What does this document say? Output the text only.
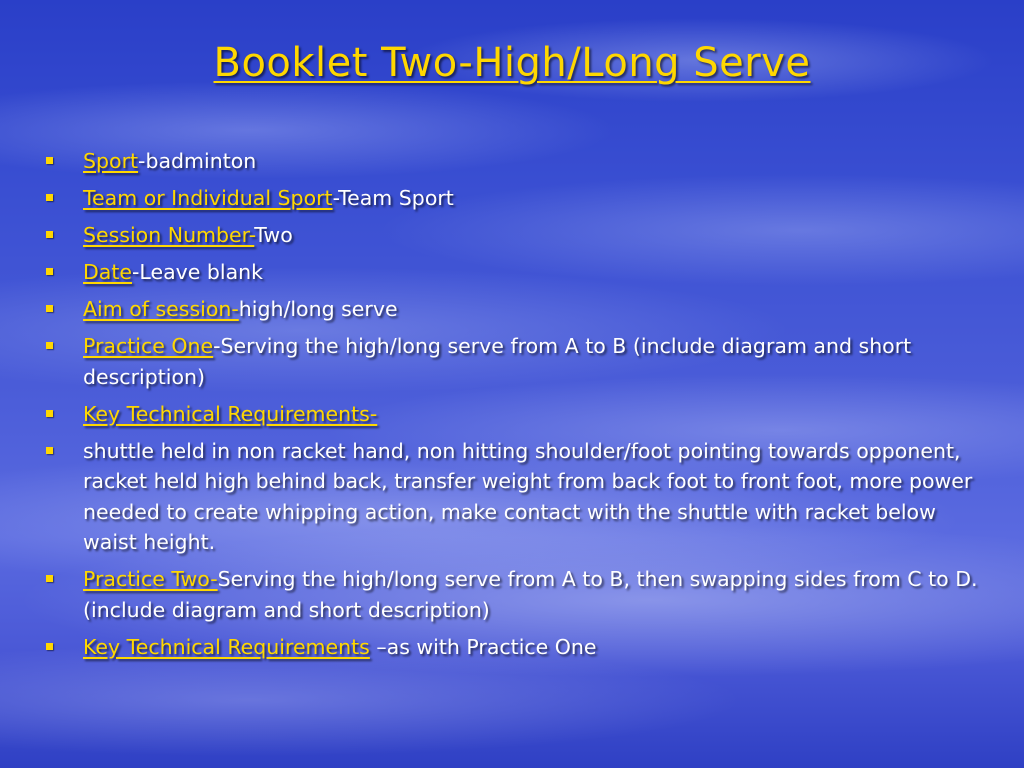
Booklet Two-High/Long Serve
Sport-badminton
Team or Individual Sport-Team Sport
Session Number-Two
Date-Leave blank
Aim of session-high/long serve
Practice One-Serving the high/long serve from A to B (include diagram and short description)
Key Technical Requirements-
shuttle held in non racket hand, non hitting shoulder/foot pointing towards opponent, racket held high behind back, transfer weight from back foot to front foot, more power needed to create whipping action, make contact with the shuttle with racket below waist height.
Practice Two-Serving the high/long serve from A to B, then swapping sides from C to D. (include diagram and short description)
Key Technical Requirements –as with Practice One
